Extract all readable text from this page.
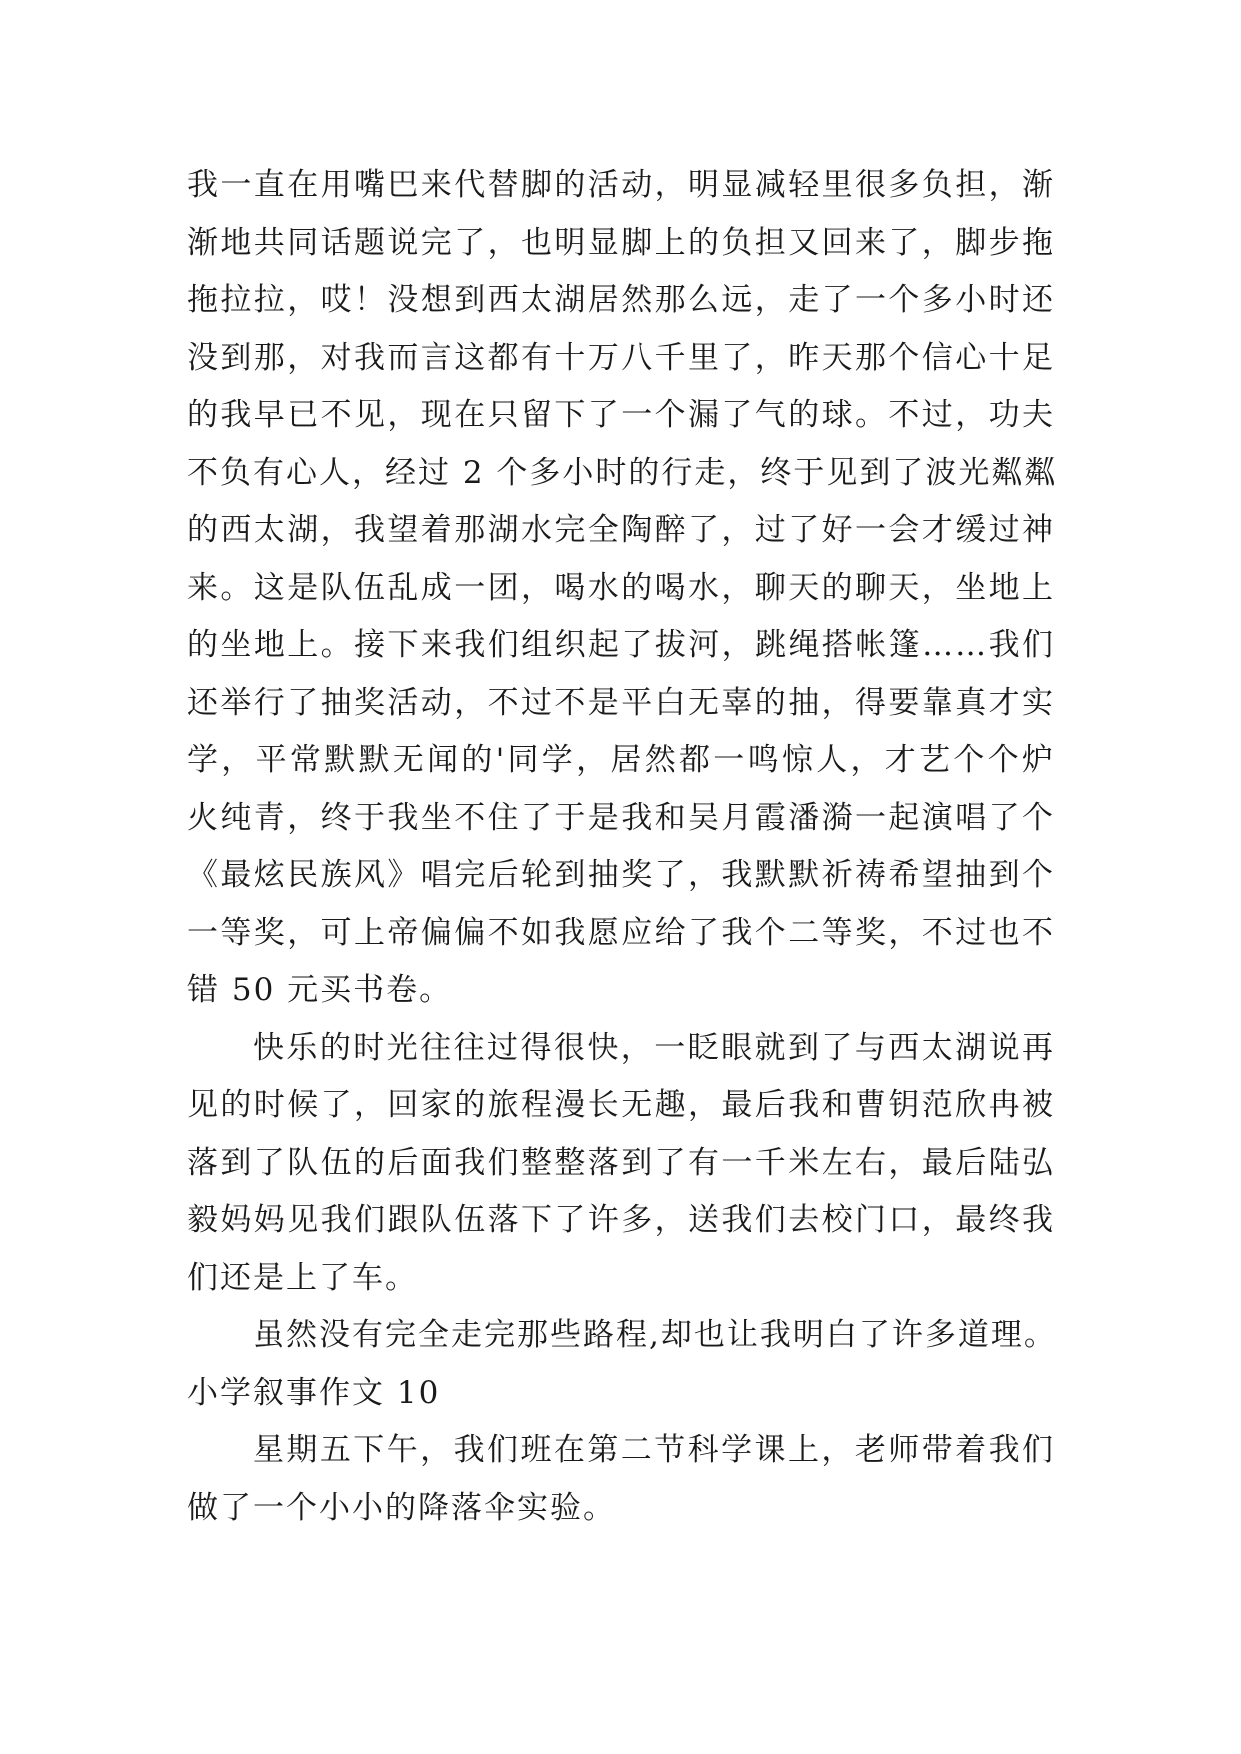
我一直在用嘴巴来代替脚的活动，明显减轻里很多负担，渐
渐地共同话题说完了，也明显脚上的负担又回来了，脚步拖
拖拉拉，哎！没想到西太湖居然那么远，走了一个多小时还
没到那，对我而言这都有十万八千里了，昨天那个信心十足
的我早已不见，现在只留下了一个漏了气的球。不过，功夫
不负有心人，经过 2 个多小时的行走，终于见到了波光粼粼
的西太湖，我望着那湖水完全陶醉了，过了好一会才缓过神
来。这是队伍乱成一团，喝水的喝水，聊天的聊天，坐地上
的坐地上。接下来我们组织起了拔河，跳绳搭帐篷……我们
还举行了抽奖活动，不过不是平白无辜的抽，得要靠真才实
学，平常默默无闻的'同学，居然都一鸣惊人，才艺个个炉
火纯青，终于我坐不住了于是我和吴月霞潘漪一起演唱了个
《最炫民族风》唱完后轮到抽奖了，我默默祈祷希望抽到个
一等奖，可上帝偏偏不如我愿应给了我个二等奖，不过也不
错 50 元买书卷。
快乐的时光往往过得很快，一眨眼就到了与西太湖说再
见的时候了，回家的旅程漫长无趣，最后我和曹钥范欣冉被
落到了队伍的后面我们整整落到了有一千米左右，最后陆弘
毅妈妈见我们跟队伍落下了许多，送我们去校门口，最终我
们还是上了车。
虽然没有完全走完那些路程,却也让我明白了许多道理。
小学叙事作文 10
星期五下午，我们班在第二节科学课上，老师带着我们
做了一个小小的降落伞实验。
